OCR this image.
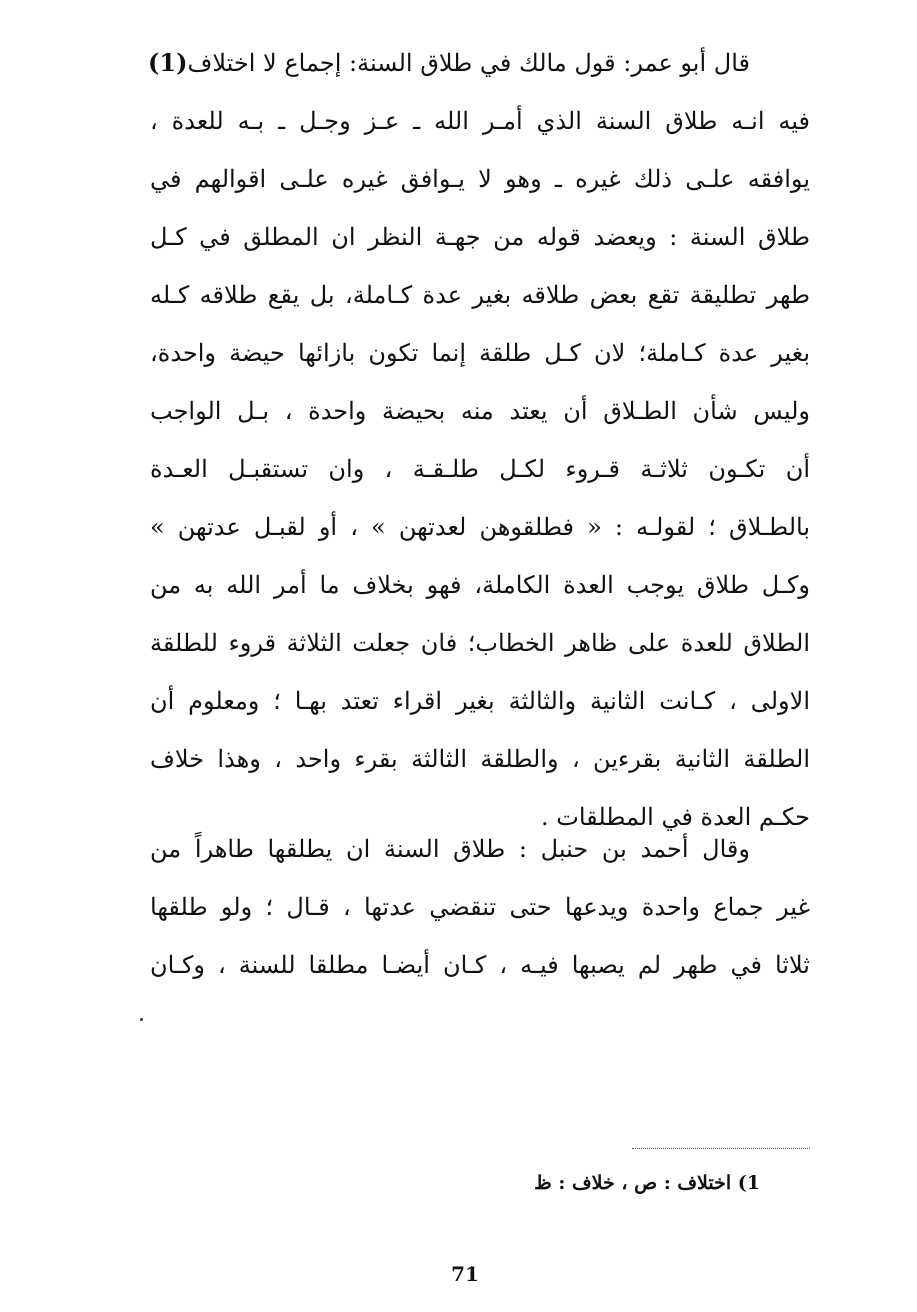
قال أبو عمر: قول مالك في طلاق السنة: إجماع لا اختلاف(1)
فيه انـه طلاق السنة الذي أمـر الله ـ عـز وجـل ـ بـه للعدة ،
يوافقه علـى ذلك غيره ـ وهو لا يـوافق غيره علـى اقوالهم في
طلاق السنة : ويعضد قوله من جهـة النظر ان المطلق في كـل
طهر تطليقة تقع بعض طلاقه بغير عدة كـاملة، بل يقع طلاقه كـله
بغير عدة كـاملة؛ لان كـل طلقة إنما تكون بازائها حيضة واحدة،
وليس شأن الطـلاق أن يعتد منه بحيضة واحدة ، بـل الواجب
أن تكـون ثلاثـة قـروء لكـل طلـقـة ، وان تستقبـل العـدة
بالطـلاق ؛ لقولـه : « فطلقوهن لعدتهن » ، أو لقبـل عدتهن »
وكـل طلاق يوجب العدة الكاملة، فهو بخلاف ما أمر الله به من
الطلاق للعدة على ظاهر الخطاب؛ فان جعلت الثلاثة قروء للطلقة
الاولى ، كـانت الثانية والثالثة بغير اقراء تعتد بهـا ؛ ومعلوم أن
الطلقة الثانية بقرءين ، والطلقة الثالثة بقرء واحد ، وهذا خلاف
حكـم العدة في المطلقات .
وقال أحمد بن حنبل : طلاق السنة ان يطلقها طاهراً من
غير جماع واحدة ويدعها حتى تنقضي عدتها ، قـال ؛ ولو طلقها
ثلاثا في طهر لم يصبها فيـه ، كـان أيضـا مطلقا للسنة ، وكـان
1) اختلاف : ص ، خلاف : ظ
71
